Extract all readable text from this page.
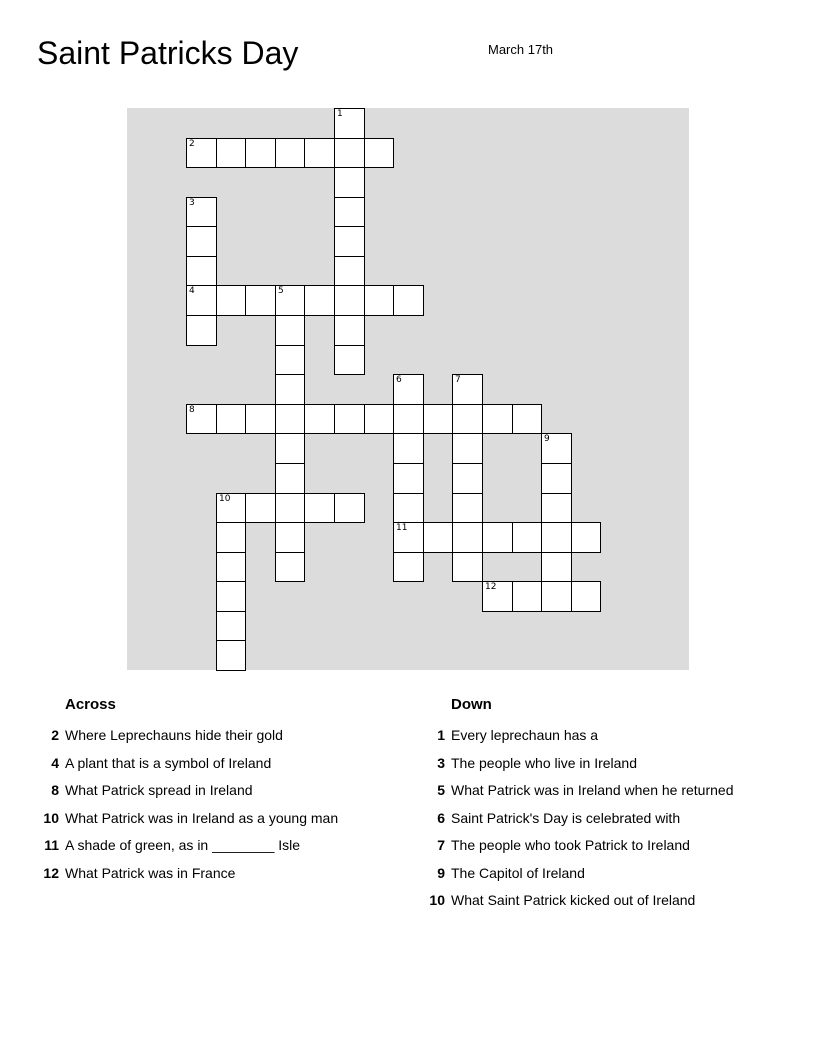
Saint Patricks Day	March 17th
1
2
3
4	5
6	7
8
9
10
11
12
Across	Down
2 Where Leprechauns hide their gold
4 A plant that is a symbol of Ireland
8 What Patrick spread in Ireland
10 What Patrick was in Ireland as a young man
11 A shade of green, as in ________ Isle
12 What Patrick was in France
1 Every leprechaun has a
3 The people who live in Ireland
5 What Patrick was in Ireland when he returned
6 Saint Patrick's Day is celebrated with
7 The people who took Patrick to Ireland
9 The Capitol of Ireland
10 What Saint Patrick kicked out of Ireland
